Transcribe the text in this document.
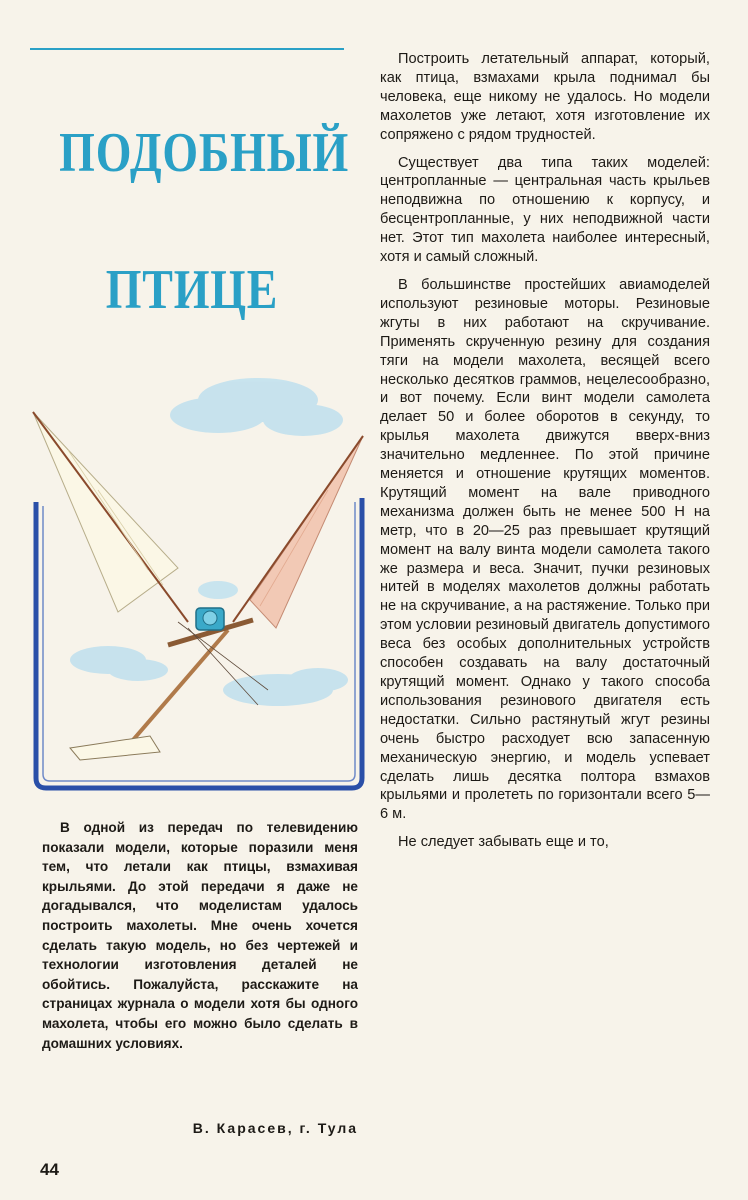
ПОДОБНЫЙ
ПТИЦЕ

В одной из передач по телевидению показали модели, которые поразили меня тем, что летали как птицы, взмахивая крыльями. До этой передачи я даже не догадывался, что моделистам удалось построить махолеты. Мне очень хочется сделать такую модель, но без чертежей и технологии изготовления деталей не обойтись. Пожалуйста, расскажите на страницах журнала о модели хотя бы одного махолета, чтобы его можно было сделать в домашних условиях.

В. Карасев, г. Тула
44

Построить летательный аппарат, который, как птица, взмахами крыла поднимал бы человека, еще никому не удалось. Но модели махолетов уже летают, хотя изготовление их сопряжено с рядом трудностей.

Существует два типа таких моделей: центропланные — центральная часть крыльев неподвижна по отношению к корпусу, и бесцентропланные, у них неподвижной части нет. Этот тип махолета наиболее интересный, хотя и самый сложный.

В большинстве простейших авиамоделей используют резиновые моторы. Резиновые жгуты в них работают на скручивание. Применять скрученную резину для создания тяги на модели махолета, весящей всего несколько десятков граммов, нецелесообразно, и вот почему. Если винт модели самолета делает 50 и более оборотов в секунду, то крылья махолета движутся вверх-вниз значительно медленнее. По этой причине меняется и отношение крутящих моментов. Крутящий момент на вале приводного механизма должен быть не менее 500 Н на метр, что в 20—25 раз превышает крутящий момент на валу винта модели самолета такого же размера и веса. Значит, пучки резиновых нитей в моделях махолетов должны работать не на скручивание, а на растяжение. Только при этом условии резиновый двигатель допустимого веса без особых дополнительных устройств способен создавать на валу достаточный крутящий момент. Однако у такого способа использования резинового двигателя есть недостатки. Сильно растянутый жгут резины очень быстро расходует всю запасенную механическую энергию, и модель успевает сделать лишь десятка полтора взмахов крыльями и пролететь по горизонтали всего 5—6 м.

Не следует забывать еще и то,
